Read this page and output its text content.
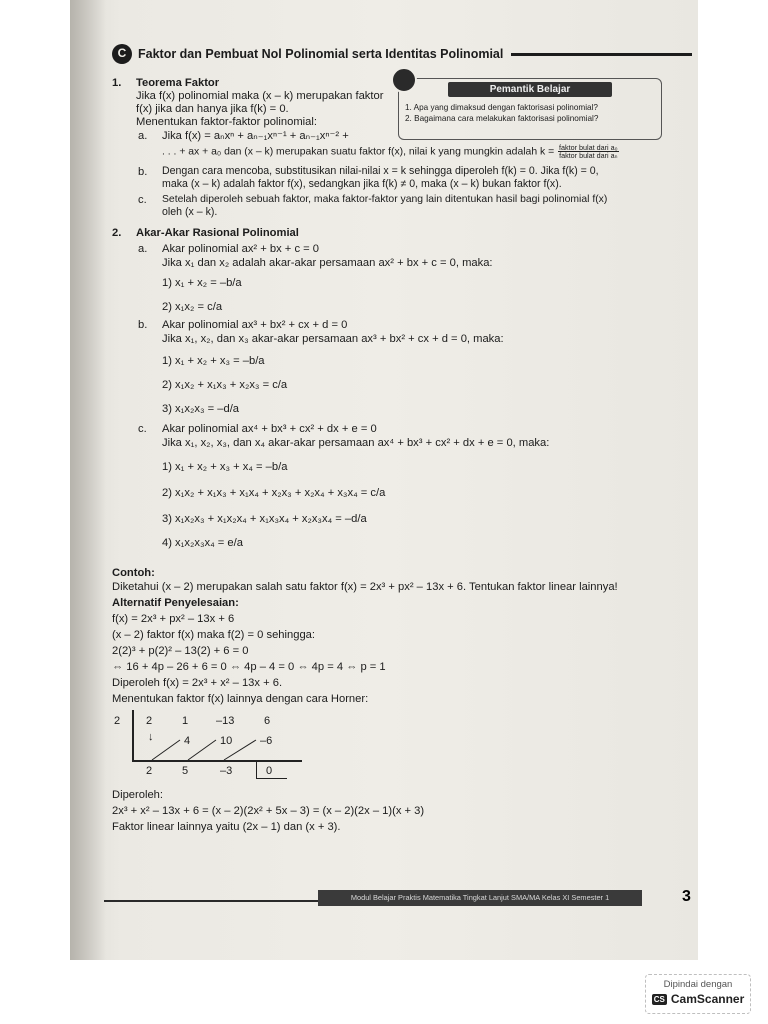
C Faktor dan Pembuat Nol Polinomial serta Identitas Polinomial
Pemantik Belajar
1. Apa yang dimaksud dengan faktorisasi polinomial?
2. Bagaimana cara melakukan faktorisasi polinomial?
1. Teorema Faktor
Jika f(x) polinomial maka (x – k) merupakan faktor
f(x) jika dan hanya jika f(k) = 0.
Menentukan faktor-faktor polinomial:
a. Jika f(x) = aₙxⁿ + aₙ₋₁xⁿ⁻¹ + aₙ₋₁xⁿ⁻² +
. . . + ax + a₀ dan (x – k) merupakan suatu faktor f(x), nilai k yang mungkin adalah $k = \frac{\text{faktor bulat dari a₀}}{\text{faktor bulat dari aₙ}}$
b. Dengan cara mencoba, substitusikan nilai-nilai x = k sehingga diperoleh f(k) = 0. Jika f(k) = 0,
maka (x – k) adalah faktor f(x), sedangkan jika f(k) ≠ 0, maka (x – k) bukan faktor f(x).
c. Setelah diperoleh sebuah faktor, maka faktor-faktor yang lain ditentukan hasil bagi polinomial f(x)
oleh (x – k).
2. Akar-Akar Rasional Polinomial
a. Akar polinomial ax² + bx + c = 0
Jika x₁ dan x₂ adalah akar-akar persamaan ax² + bx + c = 0, maka:
1) x₁ + x₂ = –b/a
2) x₁x₂ = c/a
b. Akar polinomial ax³ + bx² + cx + d = 0
Jika x₁, x₂, dan x₃ akar-akar persamaan ax³ + bx² + cx + d = 0, maka:
1) x₁ + x₂ + x₃ = –b/a
2) x₁x₂ + x₁x₃ + x₂x₃ = c/a
3) x₁x₂x₃ = –d/a
c. Akar polinomial ax⁴ + bx³ + cx² + dx + e = 0
Jika x₁, x₂, x₃, dan x₄ akar-akar persamaan ax⁴ + bx³ + cx² + dx + e = 0, maka:
1) x₁ + x₂ + x₃ + x₄ = –b/a
2) x₁x₂ + x₁x₃ + x₁x₄ + x₂x₃ + x₂x₄ + x₃x₄ = c/a
3) x₁x₂x₃ + x₁x₂x₄ + x₁x₃x₄ + x₂x₃x₄ = –d/a
4) x₁x₂x₃x₄ = e/a
Contoh:
Diketahui (x – 2) merupakan salah satu faktor f(x) = 2x³ + px² – 13x + 6. Tentukan faktor linear lainnya!
Alternatif Penyelesaian:
f(x) = 2x³ + px² – 13x + 6
(x – 2) faktor f(x) maka f(2) = 0 sehingga:
2(2)³ + p(2)² – 13(2) + 6 = 0
⇔ 16 + 4p – 26 + 6 = 0 ⇔ 4p – 4 = 0 ⇔ 4p = 4 ⇔ p = 1
Diperoleh f(x) = 2x³ + x² – 13x + 6.
Menentukan faktor f(x) lainnya dengan cara Horner:
2 2	1	–13	6
↓	4	10	–6
2	5	–3	0
Diperoleh:
2x³ + x² – 13x + 6 = (x – 2)(2x² + 5x – 3) = (x – 2)(2x – 1)(x + 3)
Faktor linear lainnya yaitu (2x – 1) dan (x + 3).
Modul Belajar Praktis Matematika Tingkat Lanjut SMA/MA Kelas XI Semester 1	3
Dipindai dengan
CS CamScanner
